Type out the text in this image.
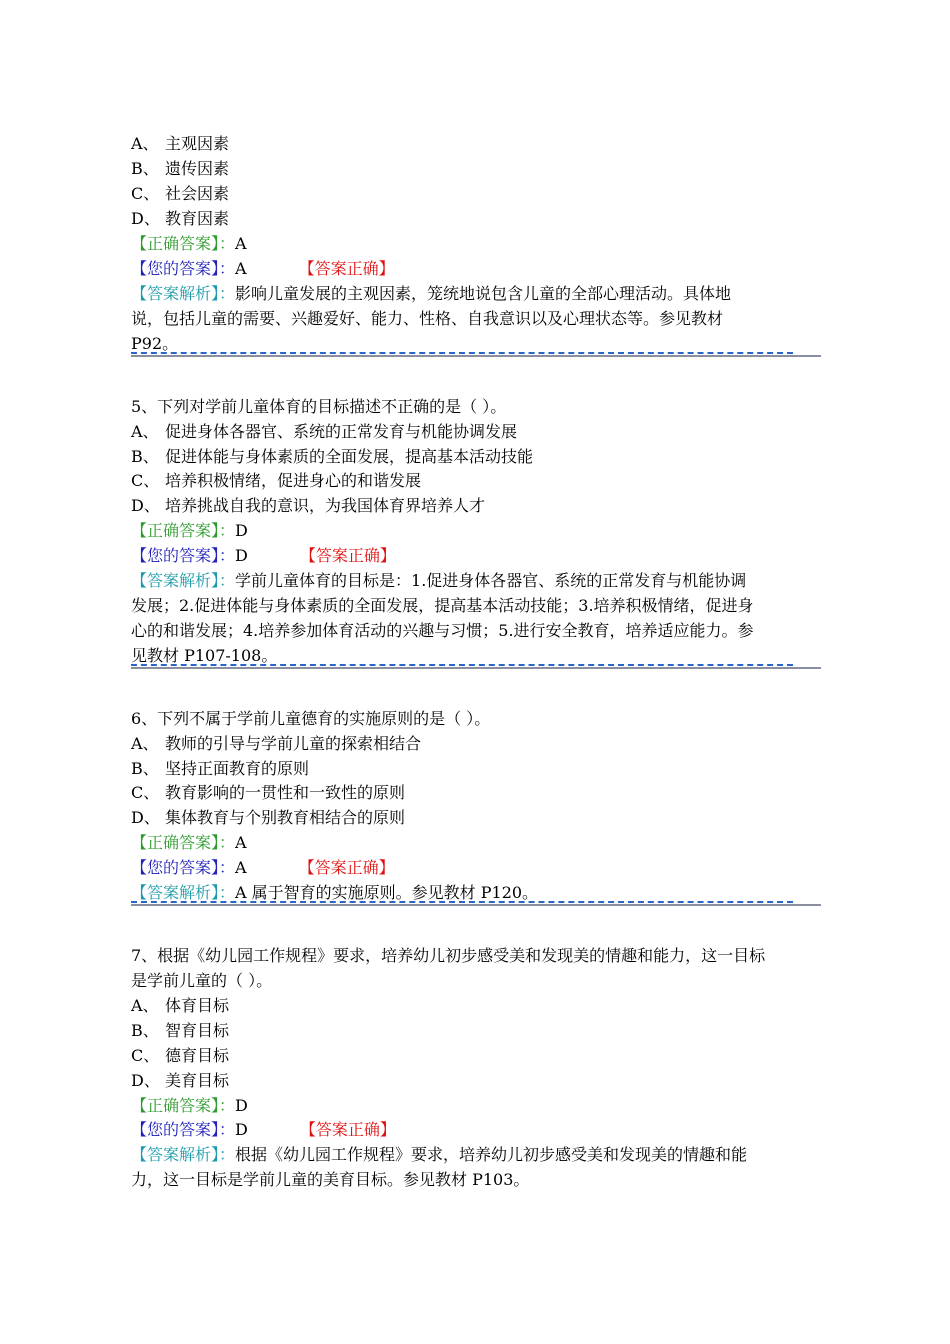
A、 主观因素
B、 遗传因素
C、 社会因素
D、 教育因素
【正确答案】：A
【您的答案】：A	【答案正确】
【答案解析】：影响儿童发展的主观因素，笼统地说包含儿童的全部心理活动。具体地
说，包括儿童的需要、兴趣爱好、能力、性格、自我意识以及心理状态等。参见教材
P92。
5、下列对学前儿童体育的目标描述不正确的是（ ）。
A、 促进身体各器官、系统的正常发育与机能协调发展
B、 促进体能与身体素质的全面发展，提高基本活动技能
C、 培养积极情绪，促进身心的和谐发展
D、 培养挑战自我的意识，为我国体育界培养人才
【正确答案】：D
【您的答案】：D	【答案正确】
【答案解析】：学前儿童体育的目标是：1.促进身体各器官、系统的正常发育与机能协调
发展；2.促进体能与身体素质的全面发展，提高基本活动技能；3.培养积极情绪，促进身
心的和谐发展；4.培养参加体育活动的兴趣与习惯；5.进行安全教育，培养适应能力。参
见教材 P107-108。
6、下列不属于学前儿童德育的实施原则的是（ ）。
A、 教师的引导与学前儿童的探索相结合
B、 坚持正面教育的原则
C、 教育影响的一贯性和一致性的原则
D、 集体教育与个别教育相结合的原则
【正确答案】：A
【您的答案】：A	【答案正确】
【答案解析】：A 属于智育的实施原则。参见教材 P120。
7、根据《幼儿园工作规程》要求，培养幼儿初步感受美和发现美的情趣和能力，这一目标
是学前儿童的（ ）。
A、 体育目标
B、 智育目标
C、 德育目标
D、 美育目标
【正确答案】：D
【您的答案】：D	【答案正确】
【答案解析】：根据《幼儿园工作规程》要求，培养幼儿初步感受美和发现美的情趣和能
力，这一目标是学前儿童的美育目标。参见教材 P103。
